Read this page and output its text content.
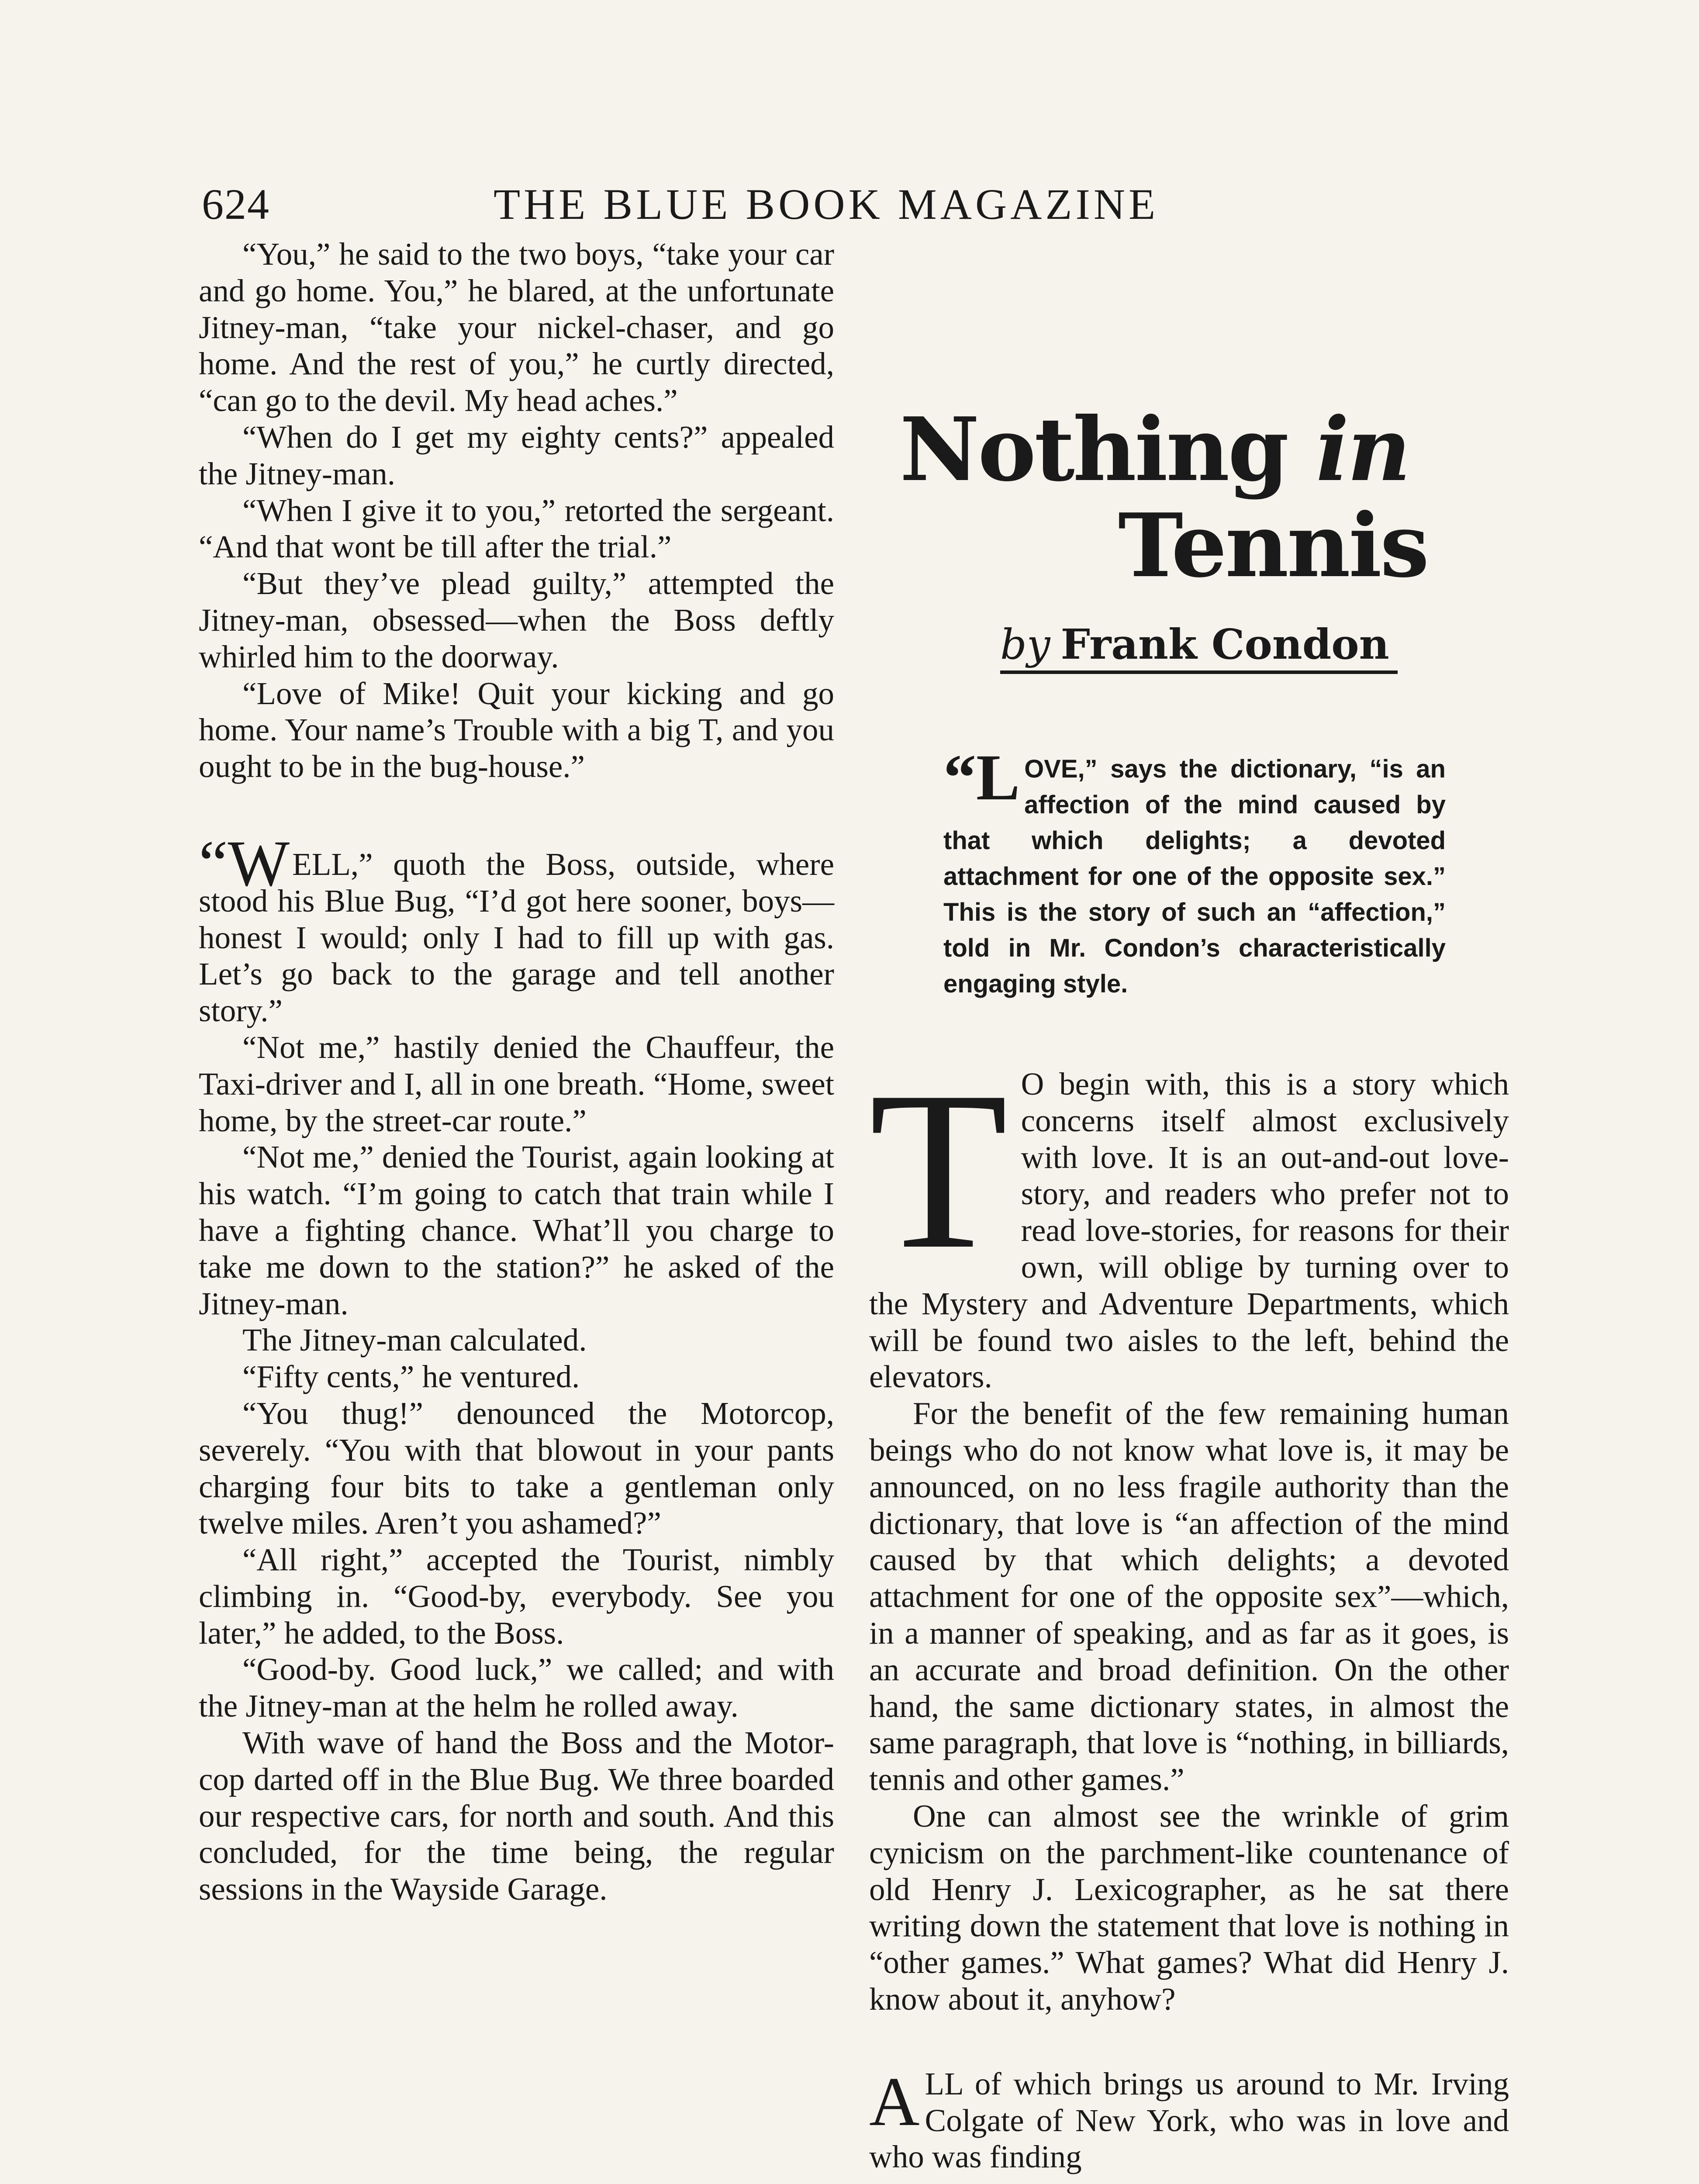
624	THE BLUE BOOK MAGAZINE

“You,” he said to the two boys, “take your car and go home. You,” he blared, at the unfortunate Jitney-man, “take your nickel-chaser, and go home. And the rest of you,” he curtly directed, “can go to the devil. My head aches.”

“When do I get my eighty cents?” appealed the Jitney-man.

“When I give it to you,” retorted the sergeant. “And that wont be till after the trial.”

“But they’ve plead guilty,” attempted the Jitney-man, obsessed—when the Boss deftly whirled him to the doorway.

“Love of Mike! Quit your kicking and go home. Your name’s Trouble with a big T, and you ought to be in the bug-house.”

“WELL,” quoth the Boss, outside, where stood his Blue Bug, “I’d got here sooner, boys—honest I would; only I had to fill up with gas. Let’s go back to the garage and tell another story.”

“Not me,” hastily denied the Chauffeur, the Taxi-driver and I, all in one breath. “Home, sweet home, by the street-car route.”

“Not me,” denied the Tourist, again looking at his watch. “I’m going to catch that train while I have a fighting chance. What’ll you charge to take me down to the station?” he asked of the Jitney-man.

The Jitney-man calculated.

“Fifty cents,” he ventured.

“You thug!” denounced the Motorcop, severely. “You with that blowout in your pants charging four bits to take a gentleman only twelve miles. Aren’t you ashamed?”

“All right,” accepted the Tourist, nimbly climbing in. “Good-by, everybody. See you later,” he added, to the Boss.

“Good-by. Good luck,” we called; and with the Jitney-man at the helm he rolled away.

With wave of hand the Boss and the Motor-cop darted off in the Blue Bug. We three boarded our respective cars, for north and south. And this concluded, for the time being, the regular sessions in the Wayside Garage.

Nothing in
Tennis
by Frank Condon
“L OVE,” says the dictionary, “is an affection of the mind caused by that which delights; a devoted attachment for one of the opposite sex.” This is the story of such an “affection,” told in Mr. Condon’s characteristically engaging style.

T O begin with, this is a story which concerns itself almost exclusively with love. It is an out-and-out love-story, and readers who prefer not to read love-stories, for reasons for their own, will oblige by turning over to the Mystery and Adventure Departments, which will be found two aisles to the left, behind the elevators.

For the benefit of the few remaining human beings who do not know what love is, it may be announced, on no less fragile authority than the dictionary, that love is “an affection of the mind caused by that which delights; a devoted attachment for one of the opposite sex”—which, in a manner of speaking, and as far as it goes, is an accurate and broad definition. On the other hand, the same dictionary states, in almost the same paragraph, that love is “nothing, in billiards, tennis and other games.”

One can almost see the wrinkle of grim cynicism on the parchment-like countenance of old Henry J. Lexicographer, as he sat there writing down the statement that love is nothing in “other games.” What games? What did Henry J. know about it, anyhow?

ALL of which brings us around to Mr. Irving Colgate of New York, who was in love and who was finding
